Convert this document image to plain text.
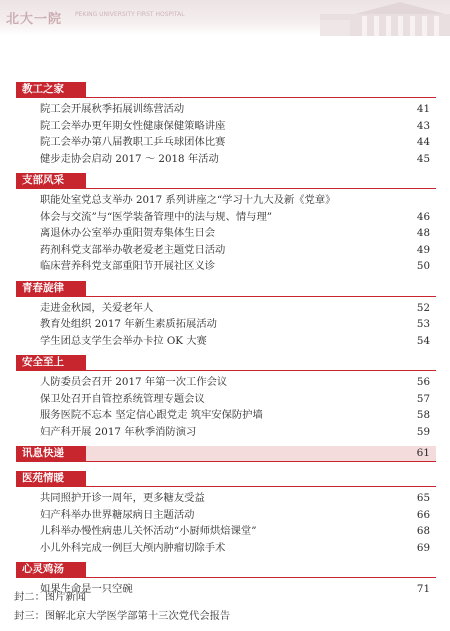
北大一院 PEKING UNIVERSITY FIRST HOSPITAL
教工之家
院工会开展秋季拓展训练营活动	41
院工会举办更年期女性健康保健策略讲座	43
院工会举办第八届教职工乒乓球团体比赛	44
健步走协会启动 2017 ～ 2018 年活动	45
支部风采
职能处室党总支举办 2017 系列讲座之“学习十九大及新《党章》
体会与交流”与“医学装备管理中的法与规、情与理”	46
离退休办公室举办重阳贺寿集体生日会	48
药剂科党支部举办敬老爱老主题党日活动	49
临床营养科党支部重阳节开展社区义诊	50
青春旋律
走进金秋园，关爱老年人	52
教育处组织 2017 年新生素质拓展活动	53
学生团总支学生会举办卡拉 OK 大赛	54
安全至上
人防委员会召开 2017 年第一次工作会议	56
保卫处召开自管控系统管理专题会议	57
服务医院不忘本 坚定信心跟党走 筑牢安保防护墙	58
妇产科开展 2017 年秋季消防演习	59
讯息快递	61
医苑情暖
共同照护开诊一周年，更多糖友受益	65
妇产科举办世界糖尿病日主题活动	66
儿科举办慢性病患儿关怀活动“小厨师烘焙课堂”	68
小儿外科完成一例巨大颅内肿瘤切除手术	69
心灵鸡汤
如果生命是一只空碗	71
封二：图片新闻
封三：图解北京大学医学部第十三次党代会报告
